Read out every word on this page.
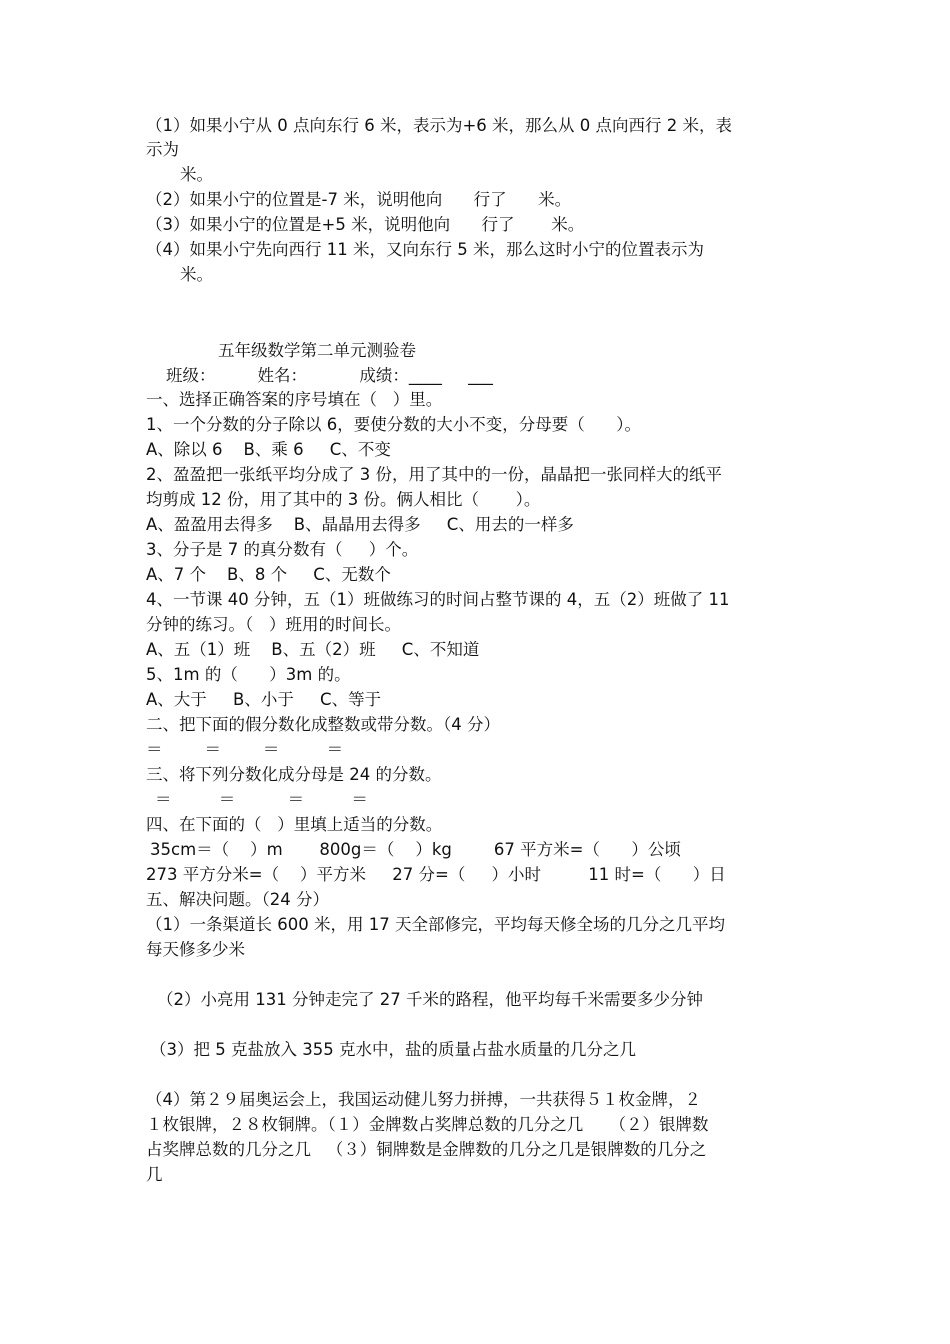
（1）如果小宁从 0 点向东行 6 米，表示为+6 米，那么从 0 点向西行 2 米，表
示为
米。
（2）如果小宁的位置是-7 米，说明他向      行了      米。
（3）如果小宁的位置是+5 米，说明他向      行了       米。
（4）如果小宁先向西行 11 米，又向东行 5 米，那么这时小宁的位置表示为
米。
五年级数学第二单元测验卷
班级：        姓名：          成绩：____     ___
一、选择正确答案的序号填在（   ）里。
1、一个分数的分子除以 6，要使分数的大小不变，分母要（      ）。
A、除以 6    B、乘 6     C、不变
2、盈盈把一张纸平均分成了 3 份，用了其中的一份，晶晶把一张同样大的纸平
均剪成 12 份，用了其中的 3 份。俩人相比（       ）。
A、盈盈用去得多    B、晶晶用去得多     C、用去的一样多
3、分子是 7 的真分数有（     ）个。
A、7 个    B、8 个     C、无数个
4、一节课 40 分钟，五（1）班做练习的时间占整节课的 4，五（2）班做了 11
分钟的练习。（   ）班用的时间长。
A、五（1）班    B、五（2）班     C、不知道
5、1m 的（      ）3m 的。
A、大于     B、小于     C、等于
二、把下面的假分数化成整数或带分数。（4 分）
＝        ＝        ＝         ＝
三、将下列分数化成分母是 24 的分数。
＝         ＝          ＝         ＝
四、在下面的（   ）里填上适当的分数。
35cm＝（    ）m       800g＝（    ）kg        67 平方米=（      ）公顷
273 平方分米=（    ）平方米     27 分=（     ）小时         11 时=（      ）日
五、解决问题。（24 分）
（1）一条渠道长 600 米，用 17 天全部修完，平均每天修全场的几分之几平均
每天修多少米
（2）小亮用 131 分钟走完了 27 千米的路程，他平均每千米需要多少分钟
（3）把 5 克盐放入 355 克水中，盐的质量占盐水质量的几分之几
（4）第２９届奥运会上，我国运动健儿努力拼搏，一共获得５１枚金牌，２
１枚银牌，２８枚铜牌。（１）金牌数占奖牌总数的几分之几     （２）银牌数
占奖牌总数的几分之几   （３）铜牌数是金牌数的几分之几是银牌数的几分之
几
